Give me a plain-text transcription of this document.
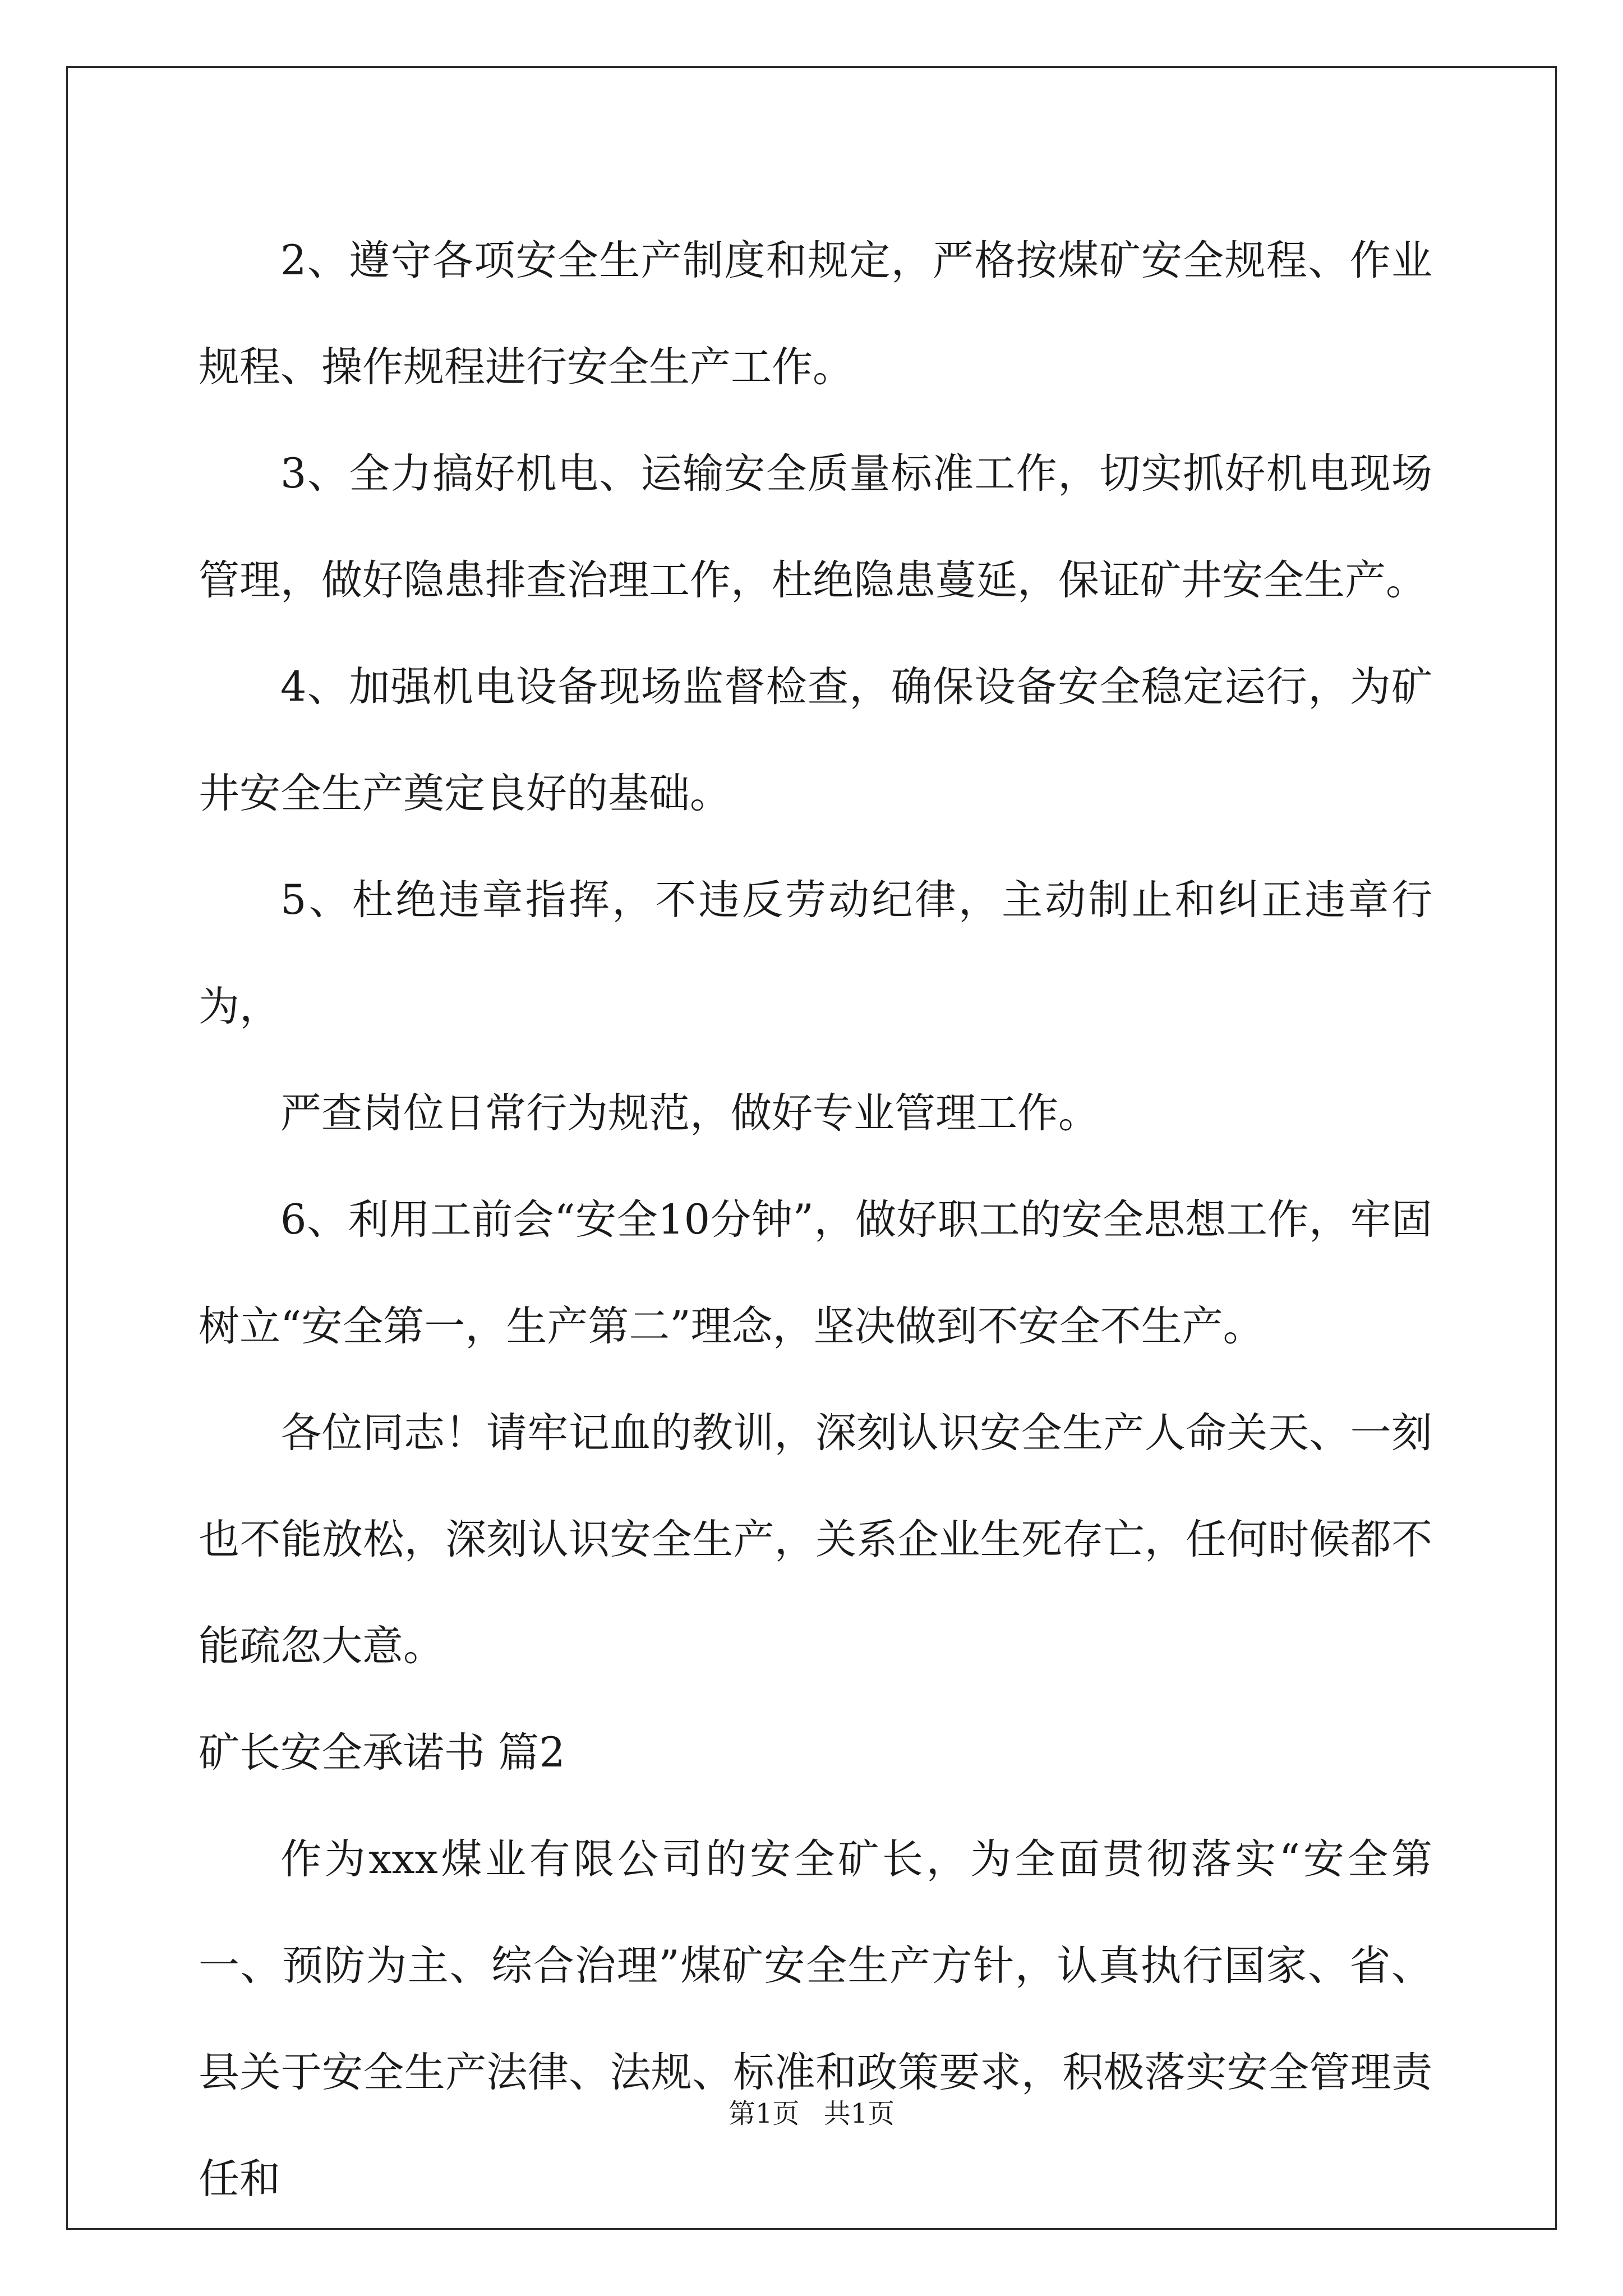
2、遵守各项安全生产制度和规定，严格按煤矿安全规程、作业规程、操作规程进行安全生产工作。

3、全力搞好机电、运输安全质量标准工作，切实抓好机电现场管理，做好隐患排查治理工作，杜绝隐患蔓延，保证矿井安全生产。

4、加强机电设备现场监督检查，确保设备安全稳定运行，为矿井安全生产奠定良好的基础。

5、杜绝违章指挥，不违反劳动纪律，主动制止和纠正违章行为，

严查岗位日常行为规范，做好专业管理工作。

6、利用工前会“安全10分钟”，做好职工的安全思想工作，牢固树立“安全第一，生产第二”理念，坚决做到不安全不生产。

各位同志！请牢记血的教训，深刻认识安全生产人命关天、一刻也不能放松，深刻认识安全生产，关系企业生死存亡，任何时候都不能疏忽大意。

矿长安全承诺书 篇2

作为xxx煤业有限公司的安全矿长，为全面贯彻落实“安全第一、预防为主、综合治理”煤矿安全生产方针，认真执行国家、省、县关于安全生产法律、法规、标准和政策要求，积极落实安全管理责任和

第1页 共1页
